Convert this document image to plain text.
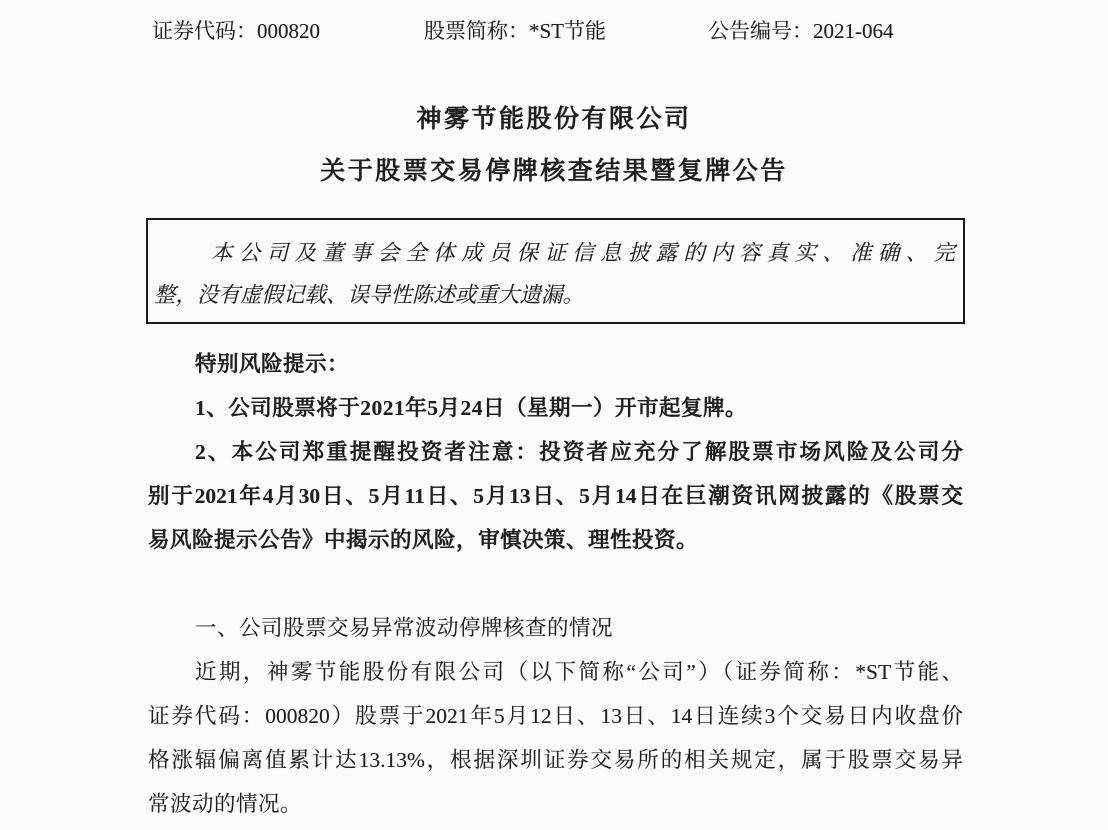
证券代码：000820	股票简称：*ST节能	公告编号：2021-064
神雾节能股份有限公司
关于股票交易停牌核查结果暨复牌公告
本公司及董事会全体成员保证信息披露的内容真实、准确、完
整，没有虚假记载、误导性陈述或重大遗漏。
特别风险提示：
1、公司股票将于2021年5月24日（星期一）开市起复牌。
2、本公司郑重提醒投资者注意：投资者应充分了解股票市场风险及公司分
别于2021年4月30日、5月11日、5月13日、5月14日在巨潮资讯网披露的《股票交
易风险提示公告》中揭示的风险，审慎决策、理性投资。
一、公司股票交易异常波动停牌核查的情况
近期，神雾节能股份有限公司（以下简称“公司”）（证券简称：*ST节能、
证券代码：000820）股票于2021年5月12日、13日、14日连续3个交易日内收盘价
格涨辐偏离值累计达13.13%，根据深圳证券交易所的相关规定，属于股票交易异
常波动的情况。
